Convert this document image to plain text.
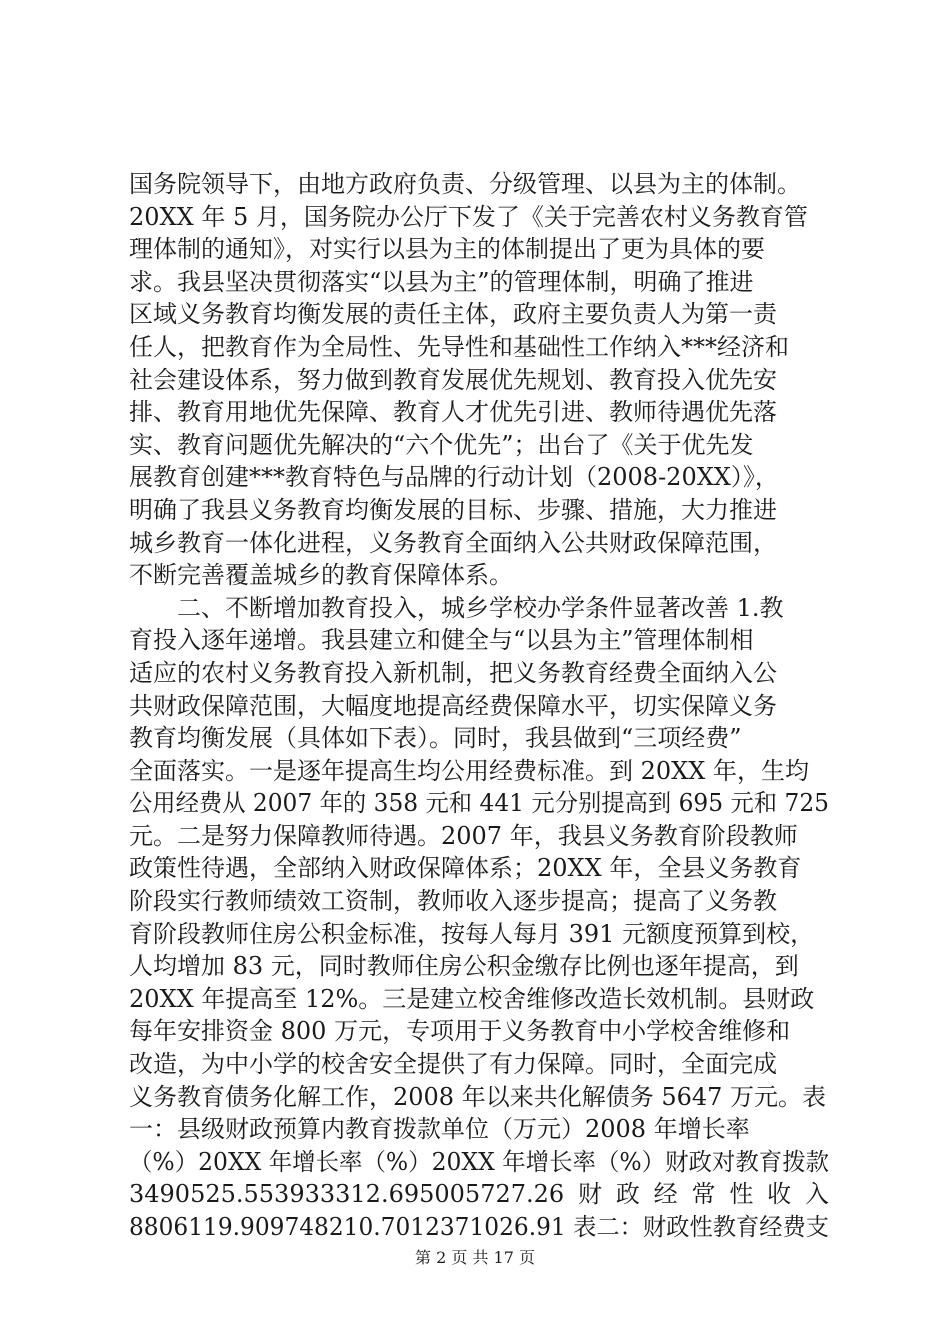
国务院领导下，由地方政府负责、分级管理、以县为主的体制。
20XX 年 5 月，国务院办公厅下发了《关于完善农村义务教育管
理体制的通知》，对实行以县为主的体制提出了更为具体的要
求。我县坚决贯彻落实“以县为主”的管理体制，明确了推进
区域义务教育均衡发展的责任主体，政府主要负责人为第一责
任人，把教育作为全局性、先导性和基础性工作纳入***经济和
社会建设体系，努力做到教育发展优先规划、教育投入优先安
排、教育用地优先保障、教育人才优先引进、教师待遇优先落
实、教育问题优先解决的“六个优先”；出台了《关于优先发
展教育创建***教育特色与品牌的行动计划（2008-20XX）》，
明确了我县义务教育均衡发展的目标、步骤、措施，大力推进
城乡教育一体化进程，义务教育全面纳入公共财政保障范围，
不断完善覆盖城乡的教育保障体系。
　　二、不断增加教育投入，城乡学校办学条件显著改善 1.教
育投入逐年递增。我县建立和健全与“以县为主”管理体制相
适应的农村义务教育投入新机制，把义务教育经费全面纳入公
共财政保障范围，大幅度地提高经费保障水平，切实保障义务
教育均衡发展（具体如下表）。同时，我县做到“三项经费”
全面落实。一是逐年提高生均公用经费标准。到 20XX 年，生均
公用经费从 2007 年的 358 元和 441 元分别提高到 695 元和 725
元。二是努力保障教师待遇。2007 年，我县义务教育阶段教师
政策性待遇，全部纳入财政保障体系；20XX 年，全县义务教育
阶段实行教师绩效工资制，教师收入逐步提高；提高了义务教
育阶段教师住房公积金标准，按每人每月 391 元额度预算到校，
人均增加 83 元，同时教师住房公积金缴存比例也逐年提高，到
20XX 年提高至 12%。三是建立校舍维修改造长效机制。县财政
每年安排资金 800 万元，专项用于义务教育中小学校舍维修和
改造，为中小学的校舍安全提供了有力保障。同时，全面完成
义务教育债务化解工作，2008 年以来共化解债务 5647 万元。表
一：县级财政预算内教育拨款单位（万元）2008 年增长率
（%）20XX 年增长率（%）20XX 年增长率（%）财政对教育拨款
3490525.553933312.695005727.26 财 政 经 常 性 收 入
8806119.909748210.7012371026.91 表二：财政性教育经费支
第 2 页 共 17 页
